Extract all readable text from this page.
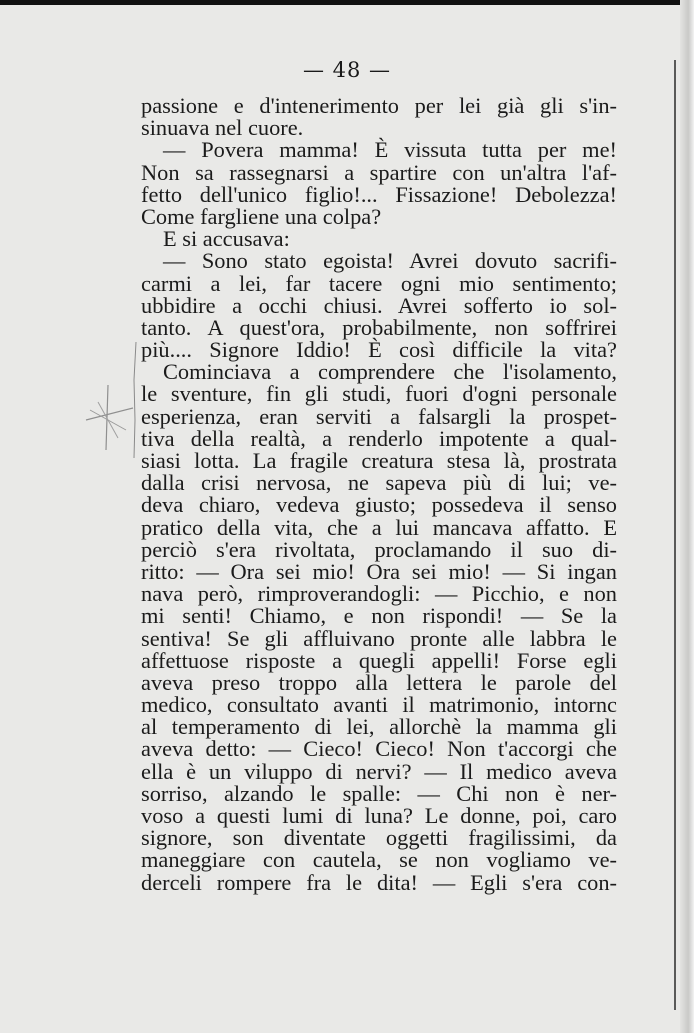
— 48 —
passione e d'intenerimento per lei già gli s'in-
sinuava nel cuore.
— Povera mamma! È vissuta tutta per me!
Non sa rassegnarsi a spartire con un'altra l'af-
fetto dell'unico figlio!... Fissazione! Debolezza!
Come fargliene una colpa?
E si accusava:
— Sono stato egoista! Avrei dovuto sacrifi-
carmi a lei, far tacere ogni mio sentimento;
ubbidire a occhi chiusi. Avrei sofferto io sol-
tanto. A quest'ora, probabilmente, non soffrirei
più.... Signore Iddio! È così difficile la vita?
Cominciava a comprendere che l'isolamento,
le sventure, fin gli studi, fuori d'ogni personale
esperienza, eran serviti a falsargli la prospet-
tiva della realtà, a renderlo impotente a qual-
siasi lotta. La fragile creatura stesa là, prostrata
dalla crisi nervosa, ne sapeva più di lui; ve-
deva chiaro, vedeva giusto; possedeva il senso
pratico della vita, che a lui mancava affatto. E
perciò s'era rivoltata, proclamando il suo di-
ritto: — Ora sei mio! Ora sei mio! — Si ingan
nava però, rimproverandogli: — Picchio, e non
mi senti! Chiamo, e non rispondi! — Se la
sentiva! Se gli affluivano pronte alle labbra le
affettuose risposte a quegli appelli! Forse egli
aveva preso troppo alla lettera le parole del
medico, consultato avanti il matrimonio, intornc
al temperamento di lei, allorchè la mamma gli
aveva detto: — Cieco! Cieco! Non t'accorgi che
ella è un viluppo di nervi? — Il medico aveva
sorriso, alzando le spalle: — Chi non è ner-
voso a questi lumi di luna? Le donne, poi, caro
signore, son diventate oggetti fragilissimi, da
maneggiare con cautela, se non vogliamo ve-
derceli rompere fra le dita! — Egli s'era con-
